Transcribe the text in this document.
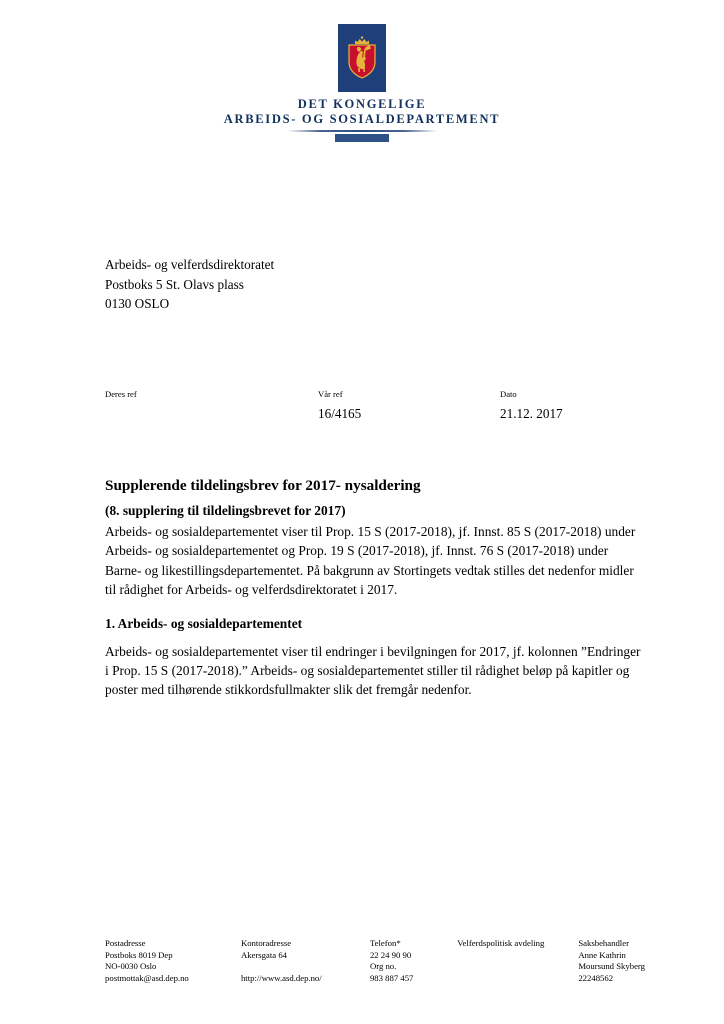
DET KONGELIGE
ARBEIDS- OG SOSIALDEPARTEMENT
Arbeids- og velferdsdirektoratet
Postboks 5 St. Olavs plass
0130 OSLO
Deres ref	Vår ref
16/4165
Dato
21.12. 2017
Supplerende tildelingsbrev for 2017- nysaldering
(8. supplering til tildelingsbrevet for 2017)

Arbeids- og sosialdepartementet viser til Prop. 15 S (2017-2018), jf. Innst. 85 S (2017-2018) under Arbeids- og sosialdepartementet og Prop. 19 S (2017-2018), jf. Innst. 76 S (2017-2018) under Barne- og likestillingsdepartementet. På bakgrunn av Stortingets vedtak stilles det nedenfor midler til rådighet for Arbeids- og velferdsdirektoratet i 2017.

1. Arbeids- og sosialdepartementet

Arbeids- og sosialdepartementet viser til endringer i bevilgningen for 2017, jf. kolonnen ”Endringer i Prop. 15 S (2017-2018).” Arbeids- og sosialdepartementet stiller til rådighet beløp på kapitler og poster med tilhørende stikkordsfullmakter slik det fremgår nedenfor.

Postadresse
Postboks 8019 Dep
NO-0030 Oslo
postmottak@asd.dep.no
Kontoradresse
Akersgata 64
http://www.asd.dep.no/
Telefon*
22 24 90 90
Org no.
983 887 457
Velferdspolitisk avdeling	Saksbehandler
Anne Kathrin
Moursund Skyberg
22248562
